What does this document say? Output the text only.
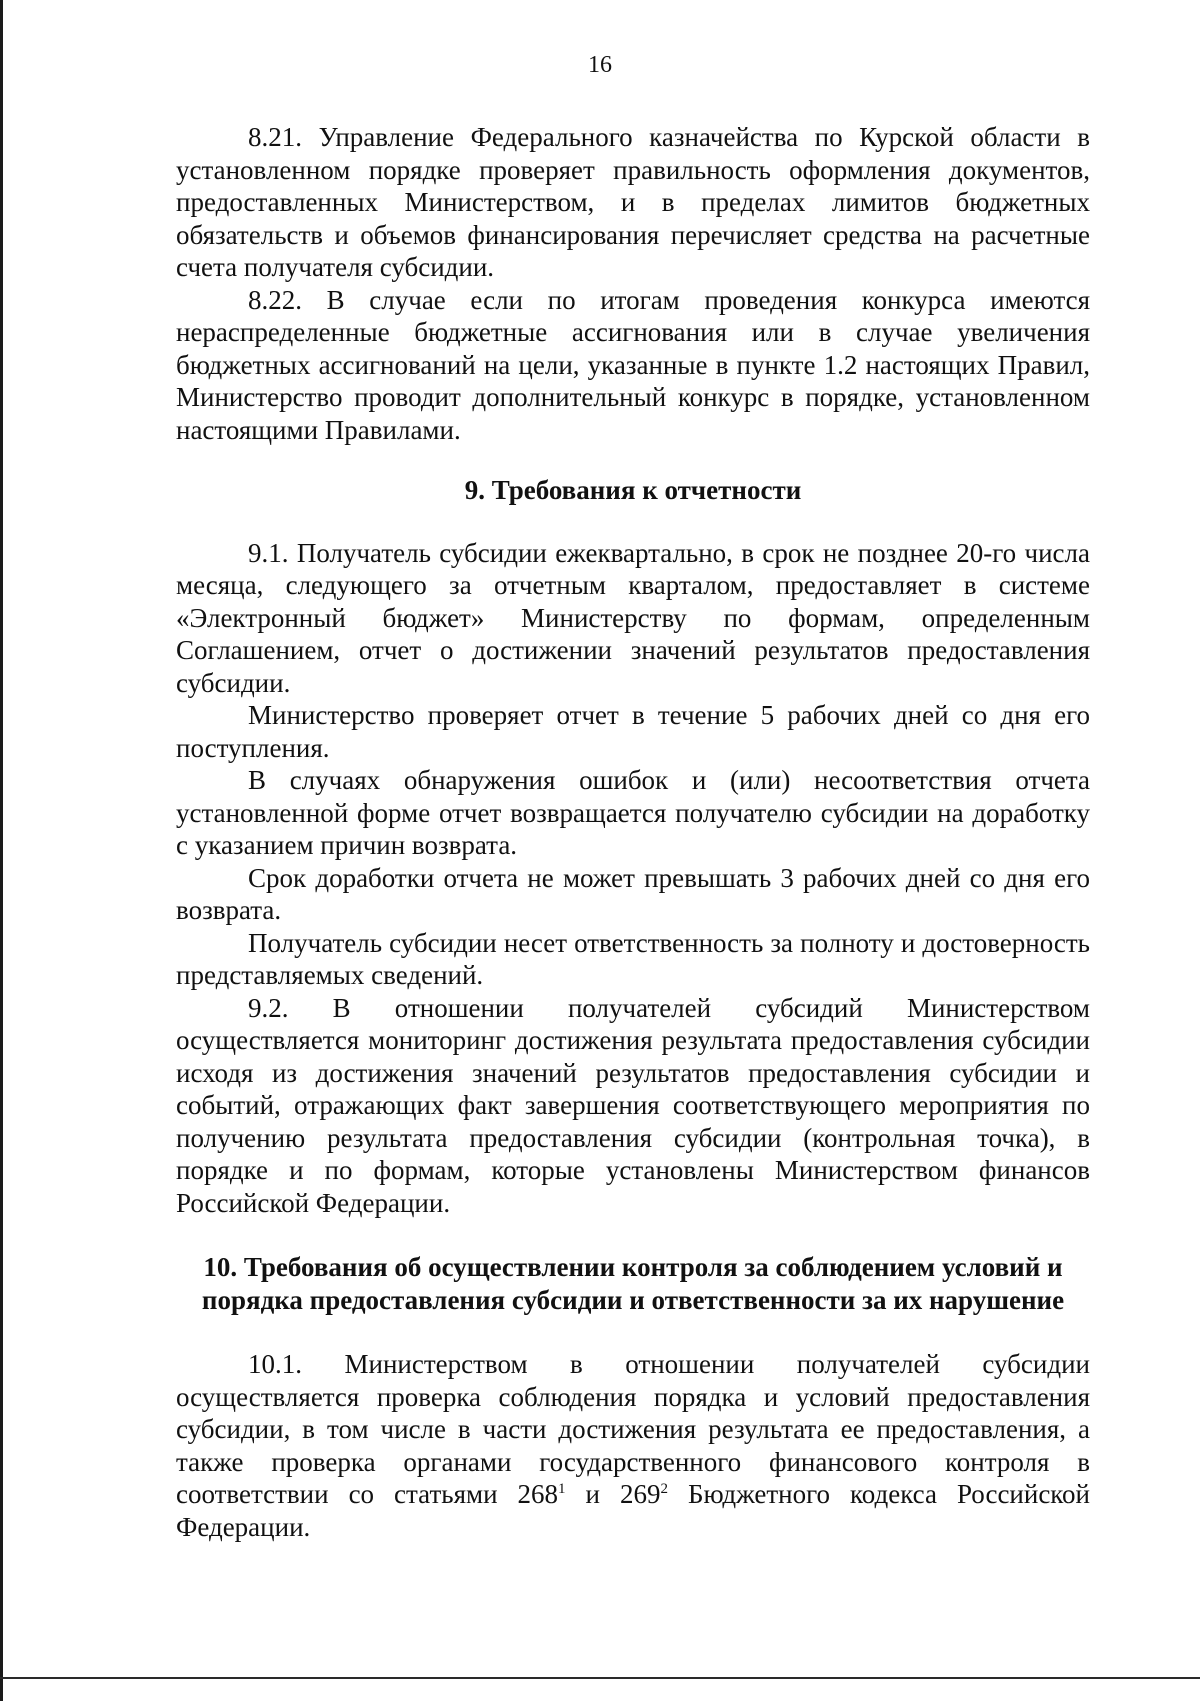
16

8.21. Управление Федерального казначейства по Курской области в установленном порядке проверяет правильность оформления документов, предоставленных Министерством, и в пределах лимитов бюджетных обязательств и объемов финансирования перечисляет средства на расчетные счета получателя субсидии.

8.22. В случае если по итогам проведения конкурса имеются нераспределенные бюджетные ассигнования или в случае увеличения бюджетных ассигнований на цели, указанные в пункте 1.2 настоящих Правил, Министерство проводит дополнительный конкурс в порядке, установленном настоящими Правилами.

9. Требования к отчетности

9.1. Получатель субсидии ежеквартально, в срок не позднее 20-го числа месяца, следующего за отчетным кварталом, предоставляет в системе «Электронный бюджет» Министерству по формам, определенным Соглашением, отчет о достижении значений результатов предоставления субсидии.

Министерство проверяет отчет в течение 5 рабочих дней со дня его поступления.

В случаях обнаружения ошибок и (или) несоответствия отчета установленной форме отчет возвращается получателю субсидии на доработку с указанием причин возврата.

Срок доработки отчета не может превышать 3 рабочих дней со дня его возврата.

Получатель субсидии несет ответственность за полноту и достоверность представляемых сведений.

9.2. В отношении получателей субсидий Министерством осуществляется мониторинг достижения результата предоставления субсидии исходя из достижения значений результатов предоставления субсидии и событий, отражающих факт завершения соответствующего мероприятия по получению результата предоставления субсидии (контрольная точка), в порядке и по формам, которые установлены Министерством финансов Российской Федерации.

10. Требования об осуществлении контроля за соблюдением условий и порядка предоставления субсидии и ответственности за их нарушение

10.1. Министерством в отношении получателей субсидии осуществляется проверка соблюдения порядка и условий предоставления субсидии, в том числе в части достижения результата ее предоставления, а также проверка органами государственного финансового контроля в соответствии со статьями $268^1$ и $269^2$ Бюджетного кодекса Российской Федерации.
